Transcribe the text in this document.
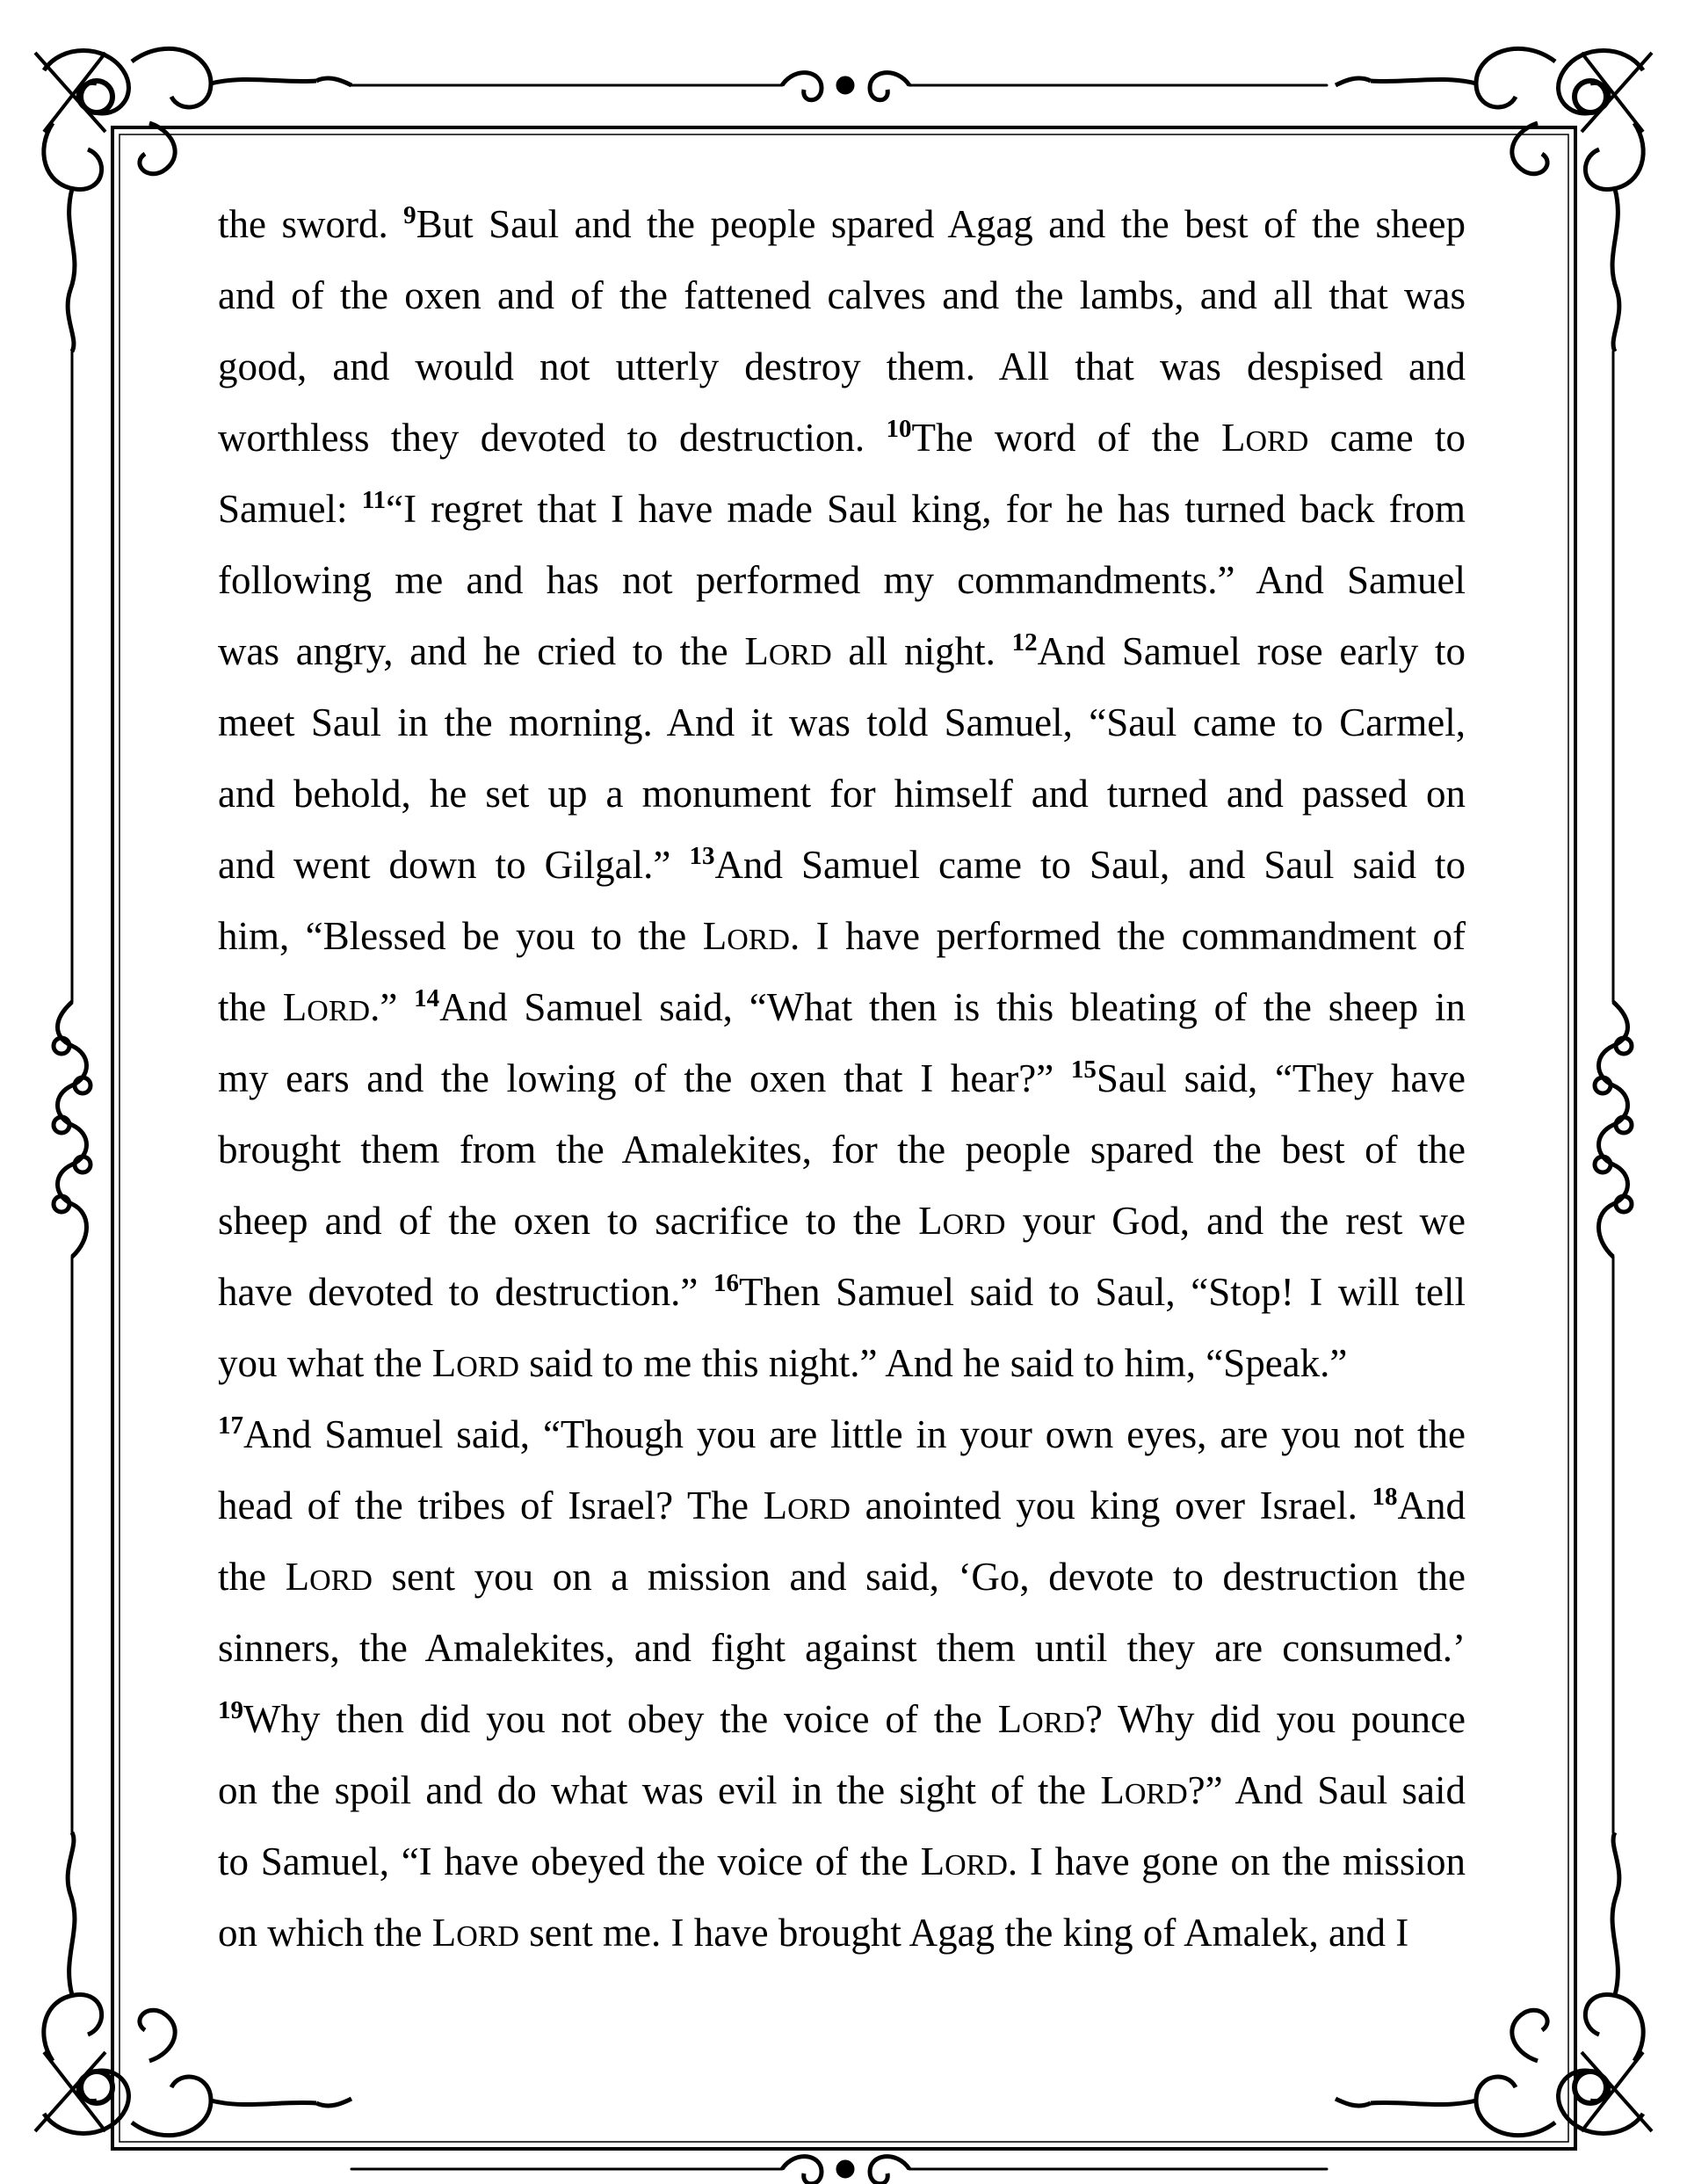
the sword. $^9$But Saul and the people spared Agag and the best of the sheep
and of the oxen and of the fattened calves and the lambs, and all that was
good, and would not utterly destroy them. All that was despised and
worthless they devoted to destruction. $^{10}$The word of the LORD came to
Samuel: $^{11}$“I regret that I have made Saul king, for he has turned back from
following me and has not performed my commandments.” And Samuel
was angry, and he cried to the LORD all night. $^{12}$And Samuel rose early to
meet Saul in the morning. And it was told Samuel, “Saul came to Carmel,
and behold, he set up a monument for himself and turned and passed on
and went down to Gilgal.” $^{13}$And Samuel came to Saul, and Saul said to
him, “Blessed be you to the LORD. I have performed the commandment of
the LORD.” $^{14}$And Samuel said, “What then is this bleating of the sheep in
my ears and the lowing of the oxen that I hear?” $^{15}$Saul said, “They have
brought them from the Amalekites, for the people spared the best of the
sheep and of the oxen to sacrifice to the LORD your God, and the rest we
have devoted to destruction.” $^{16}$Then Samuel said to Saul, “Stop! I will tell
you what the LORD said to me this night.” And he said to him, “Speak.”
$^{17}$And Samuel said, “Though you are little in your own eyes, are you not the
head of the tribes of Israel? The LORD anointed you king over Israel. $^{18}$And
the LORD sent you on a mission and said, ‘Go, devote to destruction the
sinners, the Amalekites, and fight against them until they are consumed.’
$^{19}$Why then did you not obey the voice of the LORD? Why did you pounce
on the spoil and do what was evil in the sight of the LORD?” And Saul said
to Samuel, “I have obeyed the voice of the LORD. I have gone on the mission
on which the LORD sent me. I have brought Agag the king of Amalek, and I
